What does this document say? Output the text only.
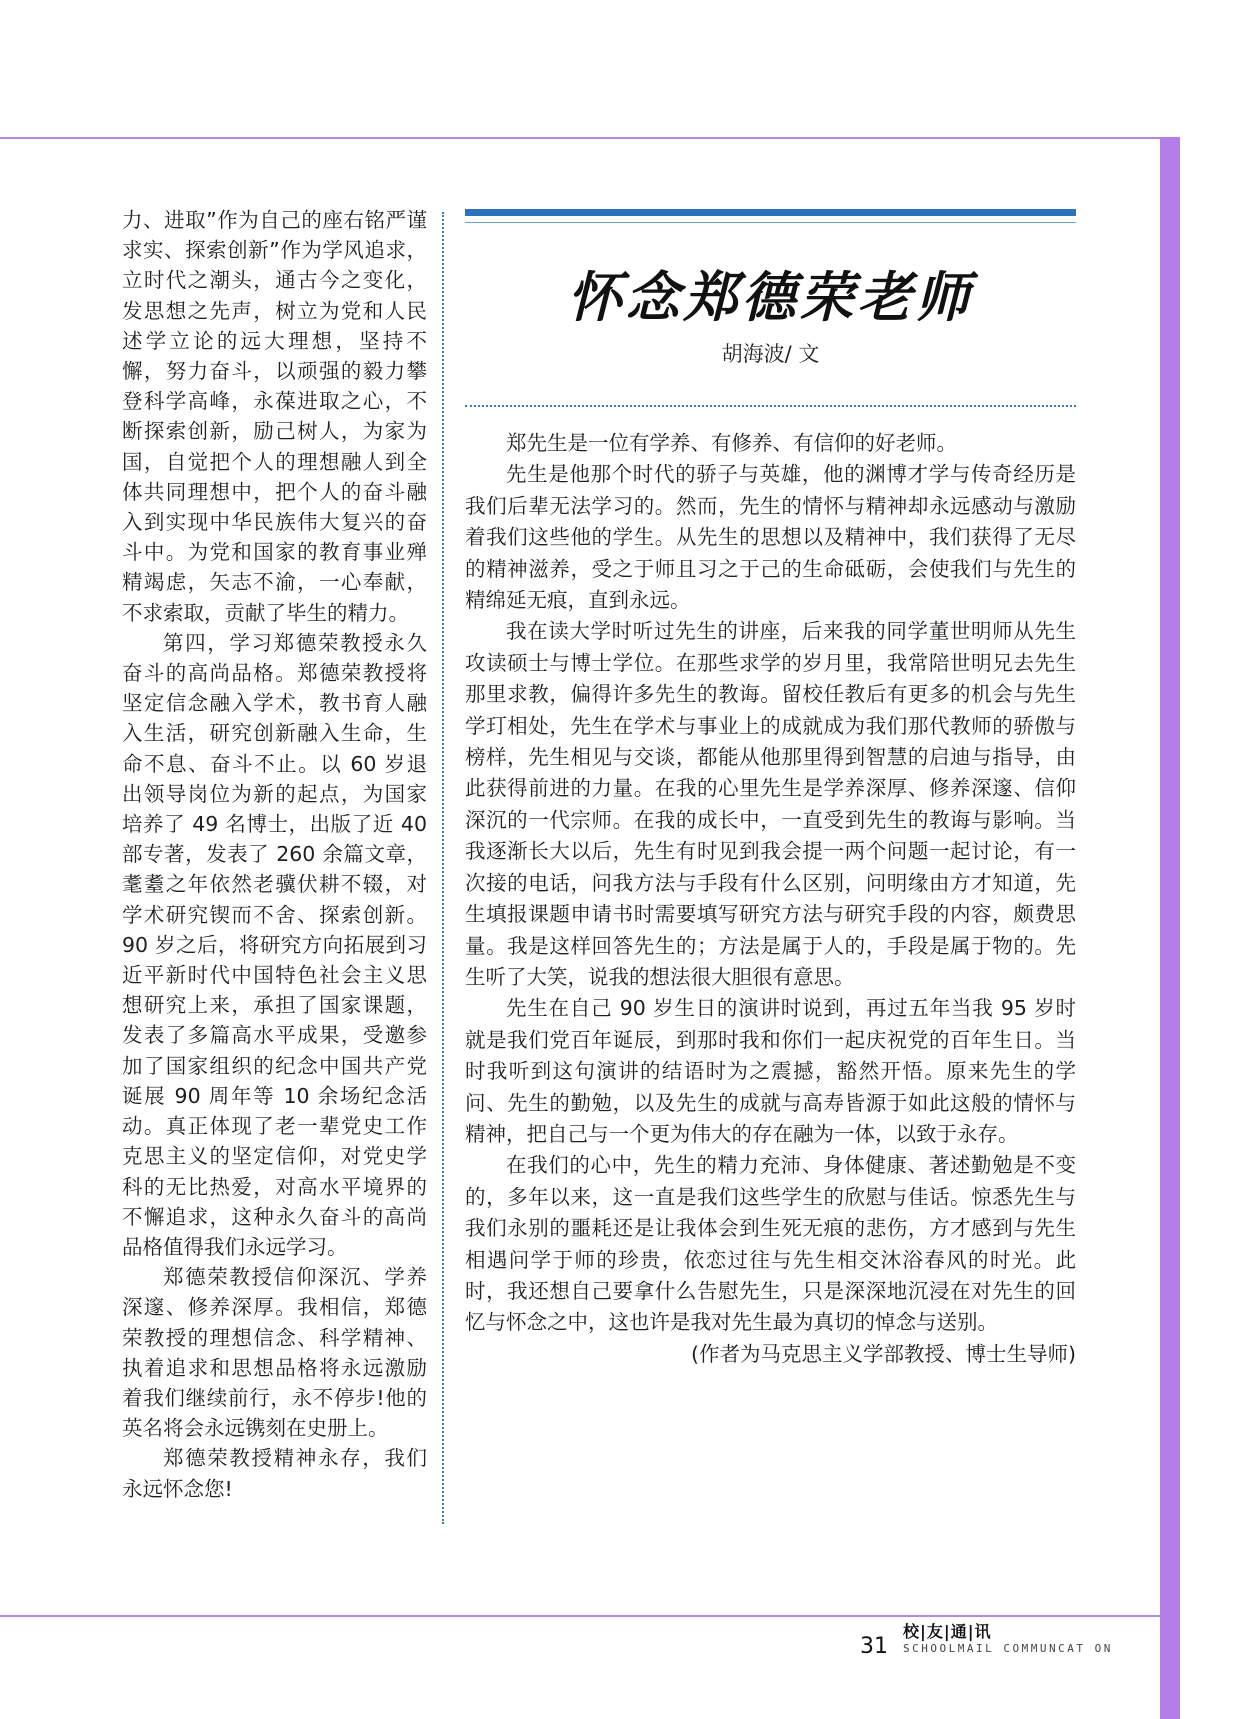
力、进取”作为自己的座右铭严谨求实、探索创新”作为学风追求，立时代之潮头，通古今之变化，发思想之先声，树立为党和人民述学立论的远大理想，坚持不懈，努力奋斗，以顽强的毅力攀登科学高峰，永葆进取之心，不断探索创新，励己树人，为家为国，自觉把个人的理想融人到全体共同理想中，把个人的奋斗融入到实现中华民族伟大复兴的奋斗中。为党和国家的教育事业殚精竭虑，矢志不渝，一心奉献，不求索取，贡献了毕生的精力。

第四，学习郑德荣教授永久奋斗的高尚品格。郑德荣教授将坚定信念融入学术，教书育人融入生活，研究创新融入生命，生命不息、奋斗不止。以 60 岁退出领导岗位为新的起点，为国家培养了 49 名博士，出版了近 40 部专著，发表了 260 余篇文章，耄耋之年依然老骥伏耕不辍，对学术研究锲而不舍、探索创新。90 岁之后，将研究方向拓展到习近平新时代中国特色社会主义思想研究上来，承担了国家课题，发表了多篇高水平成果，受邀参加了国家组织的纪念中国共产党诞展 90 周年等 10 余场纪念活动。真正体现了老一辈党史工作克思主义的坚定信仰，对党史学科的无比热爱，对高水平境界的不懈追求，这种永久奋斗的高尚品格值得我们永远学习。

郑德荣教授信仰深沉、学养深邃、修养深厚。我相信，郑德荣教授的理想信念、科学精神、执着追求和思想品格将永远激励着我们继续前行，永不停步!他的英名将会永远镌刻在史册上。

郑德荣教授精神永存，我们永远怀念您!

怀念郑德荣老师
胡海波/ 文

郑先生是一位有学养、有修养、有信仰的好老师。

先生是他那个时代的骄子与英雄，他的渊博才学与传奇经历是我们后辈无法学习的。然而，先生的情怀与精神却永远感动与激励着我们这些他的学生。从先生的思想以及精神中，我们获得了无尽的精神滋养，受之于师且习之于己的生命砥砺，会使我们与先生的精绵延无痕，直到永远。

我在读大学时听过先生的讲座，后来我的同学董世明师从先生攻读硕士与博士学位。在那些求学的岁月里，我常陪世明兄去先生那里求教，偏得许多先生的教诲。留校任教后有更多的机会与先生学玎相处，先生在学术与事业上的成就成为我们那代教师的骄傲与榜样，先生相见与交谈，都能从他那里得到智慧的启迪与指导，由此获得前进的力量。在我的心里先生是学养深厚、修养深邃、信仰深沉的一代宗师。在我的成长中，一直受到先生的教诲与影响。当我逐渐长大以后，先生有时见到我会提一两个问题一起讨论，有一次接的电话，问我方法与手段有什么区别，问明缘由方才知道，先生填报课题申请书时需要填写研究方法与研究手段的内容，颇费思量。我是这样回答先生的；方法是属于人的，手段是属于物的。先生听了大笑，说我的想法很大胆很有意思。

先生在自己 90 岁生日的演讲时说到，再过五年当我 95 岁时就是我们党百年诞辰，到那时我和你们一起庆祝党的百年生日。当时我听到这句演讲的结语时为之震撼，豁然开悟。原来先生的学问、先生的勤勉，以及先生的成就与高寿皆源于如此这般的情怀与精神，把自己与一个更为伟大的存在融为一体，以致于永存。

在我们的心中，先生的精力充沛、身体健康、著述勤勉是不变的，多年以来，这一直是我们这些学生的欣慰与佳话。惊悉先生与我们永别的噩耗还是让我体会到生死无痕的悲伤，方才感到与先生相遇问学于师的珍贵，依恋过往与先生相交沐浴春风的时光。此时，我还想自己要拿什么告慰先生，只是深深地沉浸在对先生的回忆与怀念之中，这也许是我对先生最为真切的悼念与送别。

(作者为马克思主义学部教授、博士生导师)

31
校|友|通|讯
SCHOOLMAIL COMMUNCAT ON
